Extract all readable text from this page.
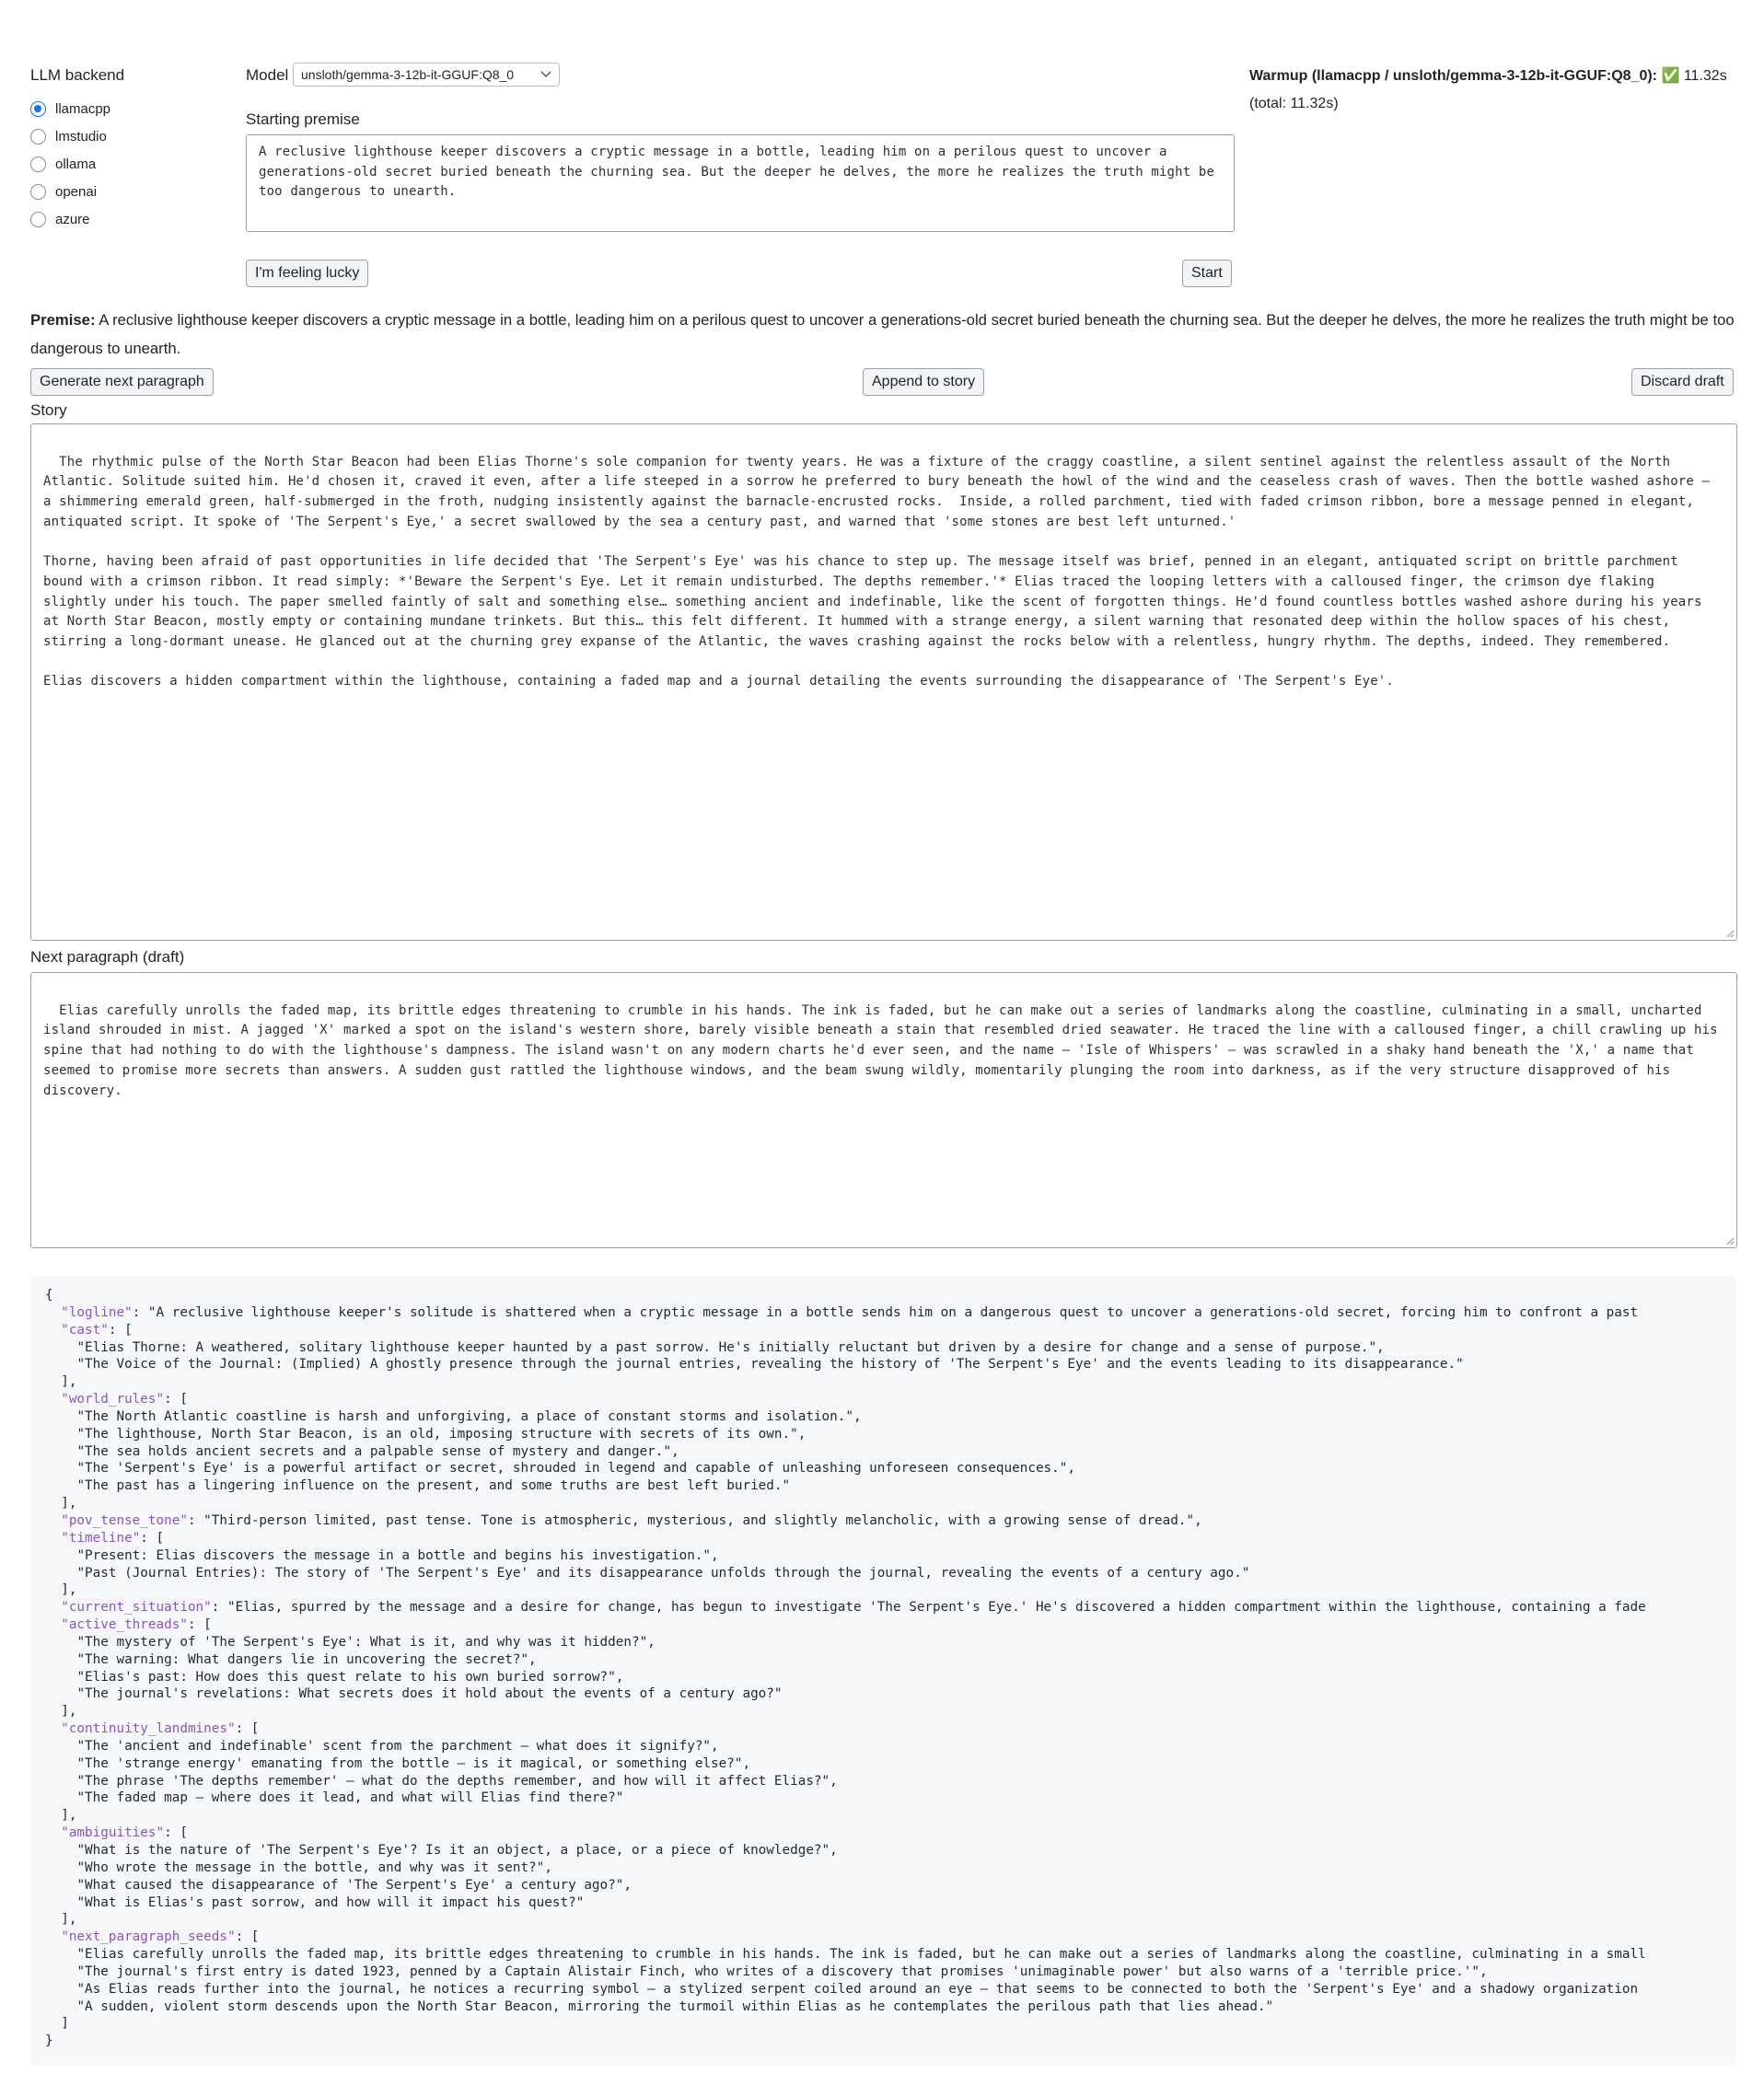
LLM backend
llamacpp
lmstudio
ollama
openai
azure
Model unsloth/gemma-3-12b-it-GGUF:Q8_0	Warmup (llamacpp / unsloth/gemma-3-12b-it-GGUF:Q8_0): ✅ 11.32s
(total: 11.32s)
Starting premise
A reclusive lighthouse keeper discovers a cryptic message in a bottle, leading him on a perilous quest to uncover a generations-old secret buried beneath the churning sea. But the deeper he delves, the more he realizes the truth might be too dangerous to unearth.
I'm feeling lucky	Start
Premise: A reclusive lighthouse keeper discovers a cryptic message in a bottle, leading him on a perilous quest to uncover a generations-old secret buried beneath the churning sea. But the deeper he delves, the more he realizes the truth might be too dangerous to unearth.
Generate next paragraph	Append to story	Discard draft
Story

The rhythmic pulse of the North Star Beacon had been Elias Thorne's sole companion for twenty years. He was a fixture of the craggy coastline, a silent sentinel against the relentless assault of the North Atlantic. Solitude suited him. He'd chosen it, craved it even, after a life steeped in a sorrow he preferred to bury beneath the howl of the wind and the ceaseless crash of waves. Then the bottle washed ashore – a shimmering emerald green, half-submerged in the froth, nudging insistently against the barnacle-encrusted rocks.  Inside, a rolled parchment, tied with faded crimson ribbon, bore a message penned in elegant, antiquated script. It spoke of 'The Serpent's Eye,' a secret swallowed by the sea a century past, and warned that 'some stones are best left unturned.'

Thorne, having been afraid of past opportunities in life decided that 'The Serpent's Eye' was his chance to step up. The message itself was brief, penned in an elegant, antiquated script on brittle parchment bound with a crimson ribbon. It read simply: *'Beware the Serpent's Eye. Let it remain undisturbed. The depths remember.'* Elias traced the looping letters with a calloused finger, the crimson dye flaking slightly under his touch. The paper smelled faintly of salt and something else… something ancient and indefinable, like the scent of forgotten things. He'd found countless bottles washed ashore during his years at North Star Beacon, mostly empty or containing mundane trinkets. But this… this felt different. It hummed with a strange energy, a silent warning that resonated deep within the hollow spaces of his chest, stirring a long-dormant unease. He glanced out at the churning grey expanse of the Atlantic, the waves crashing against the rocks below with a relentless, hungry rhythm. The depths, indeed. They remembered.

Elias discovers a hidden compartment within the lighthouse, containing a faded map and a journal detailing the events surrounding the disappearance of 'The Serpent's Eye'.

Next paragraph (draft)

Elias carefully unrolls the faded map, its brittle edges threatening to crumble in his hands. The ink is faded, but he can make out a series of landmarks along the coastline, culminating in a small, uncharted island shrouded in mist. A jagged 'X' marked a spot on the island's western shore, barely visible beneath a stain that resembled dried seawater. He traced the line with a calloused finger, a chill crawling up his spine that had nothing to do with the lighthouse's dampness. The island wasn't on any modern charts he'd ever seen, and the name – 'Isle of Whispers' – was scrawled in a shaky hand beneath the 'X,' a name that seemed to promise more secrets than answers. A sudden gust rattled the lighthouse windows, and the beam swung wildly, momentarily plunging the room into darkness, as if the very structure disapproved of his discovery.

{
"logline": "A reclusive lighthouse keeper's solitude is shattered when a cryptic message in a bottle sends him on a dangerous quest to uncover a generations-old secret, forcing him to confront a past
"cast": [
"Elias Thorne: A weathered, solitary lighthouse keeper haunted by a past sorrow. He's initially reluctant but driven by a desire for change and a sense of purpose.",
"The Voice of the Journal: (Implied) A ghostly presence through the journal entries, revealing the history of 'The Serpent's Eye' and the events leading to its disappearance."
],
"world_rules": [
"The North Atlantic coastline is harsh and unforgiving, a place of constant storms and isolation.",
"The lighthouse, North Star Beacon, is an old, imposing structure with secrets of its own.",
"The sea holds ancient secrets and a palpable sense of mystery and danger.",
"The 'Serpent's Eye' is a powerful artifact or secret, shrouded in legend and capable of unleashing unforeseen consequences.",
"The past has a lingering influence on the present, and some truths are best left buried."
],
"pov_tense_tone": "Third-person limited, past tense. Tone is atmospheric, mysterious, and slightly melancholic, with a growing sense of dread.",
"timeline": [
"Present: Elias discovers the message in a bottle and begins his investigation.",
"Past (Journal Entries): The story of 'The Serpent's Eye' and its disappearance unfolds through the journal, revealing the events of a century ago."
],
"current_situation": "Elias, spurred by the message and a desire for change, has begun to investigate 'The Serpent's Eye.' He's discovered a hidden compartment within the lighthouse, containing a fade
"active_threads": [
"The mystery of 'The Serpent's Eye': What is it, and why was it hidden?",
"The warning: What dangers lie in uncovering the secret?",
"Elias's past: How does this quest relate to his own buried sorrow?",
"The journal's revelations: What secrets does it hold about the events of a century ago?"
],
"continuity_landmines": [
"The 'ancient and indefinable' scent from the parchment – what does it signify?",
"The 'strange energy' emanating from the bottle – is it magical, or something else?",
"The phrase 'The depths remember' – what do the depths remember, and how will it affect Elias?",
"The faded map – where does it lead, and what will Elias find there?"
],
"ambiguities": [
"What is the nature of 'The Serpent's Eye'? Is it an object, a place, or a piece of knowledge?",
"Who wrote the message in the bottle, and why was it sent?",
"What caused the disappearance of 'The Serpent's Eye' a century ago?",
"What is Elias's past sorrow, and how will it impact his quest?"
],
"next_paragraph_seeds": [
"Elias carefully unrolls the faded map, its brittle edges threatening to crumble in his hands. The ink is faded, but he can make out a series of landmarks along the coastline, culminating in a small
"The journal's first entry is dated 1923, penned by a Captain Alistair Finch, who writes of a discovery that promises 'unimaginable power' but also warns of a 'terrible price.'",
"As Elias reads further into the journal, he notices a recurring symbol – a stylized serpent coiled around an eye – that seems to be connected to both the 'Serpent's Eye' and a shadowy organization
"A sudden, violent storm descends upon the North Star Beacon, mirroring the turmoil within Elias as he contemplates the perilous path that lies ahead."
]
}
